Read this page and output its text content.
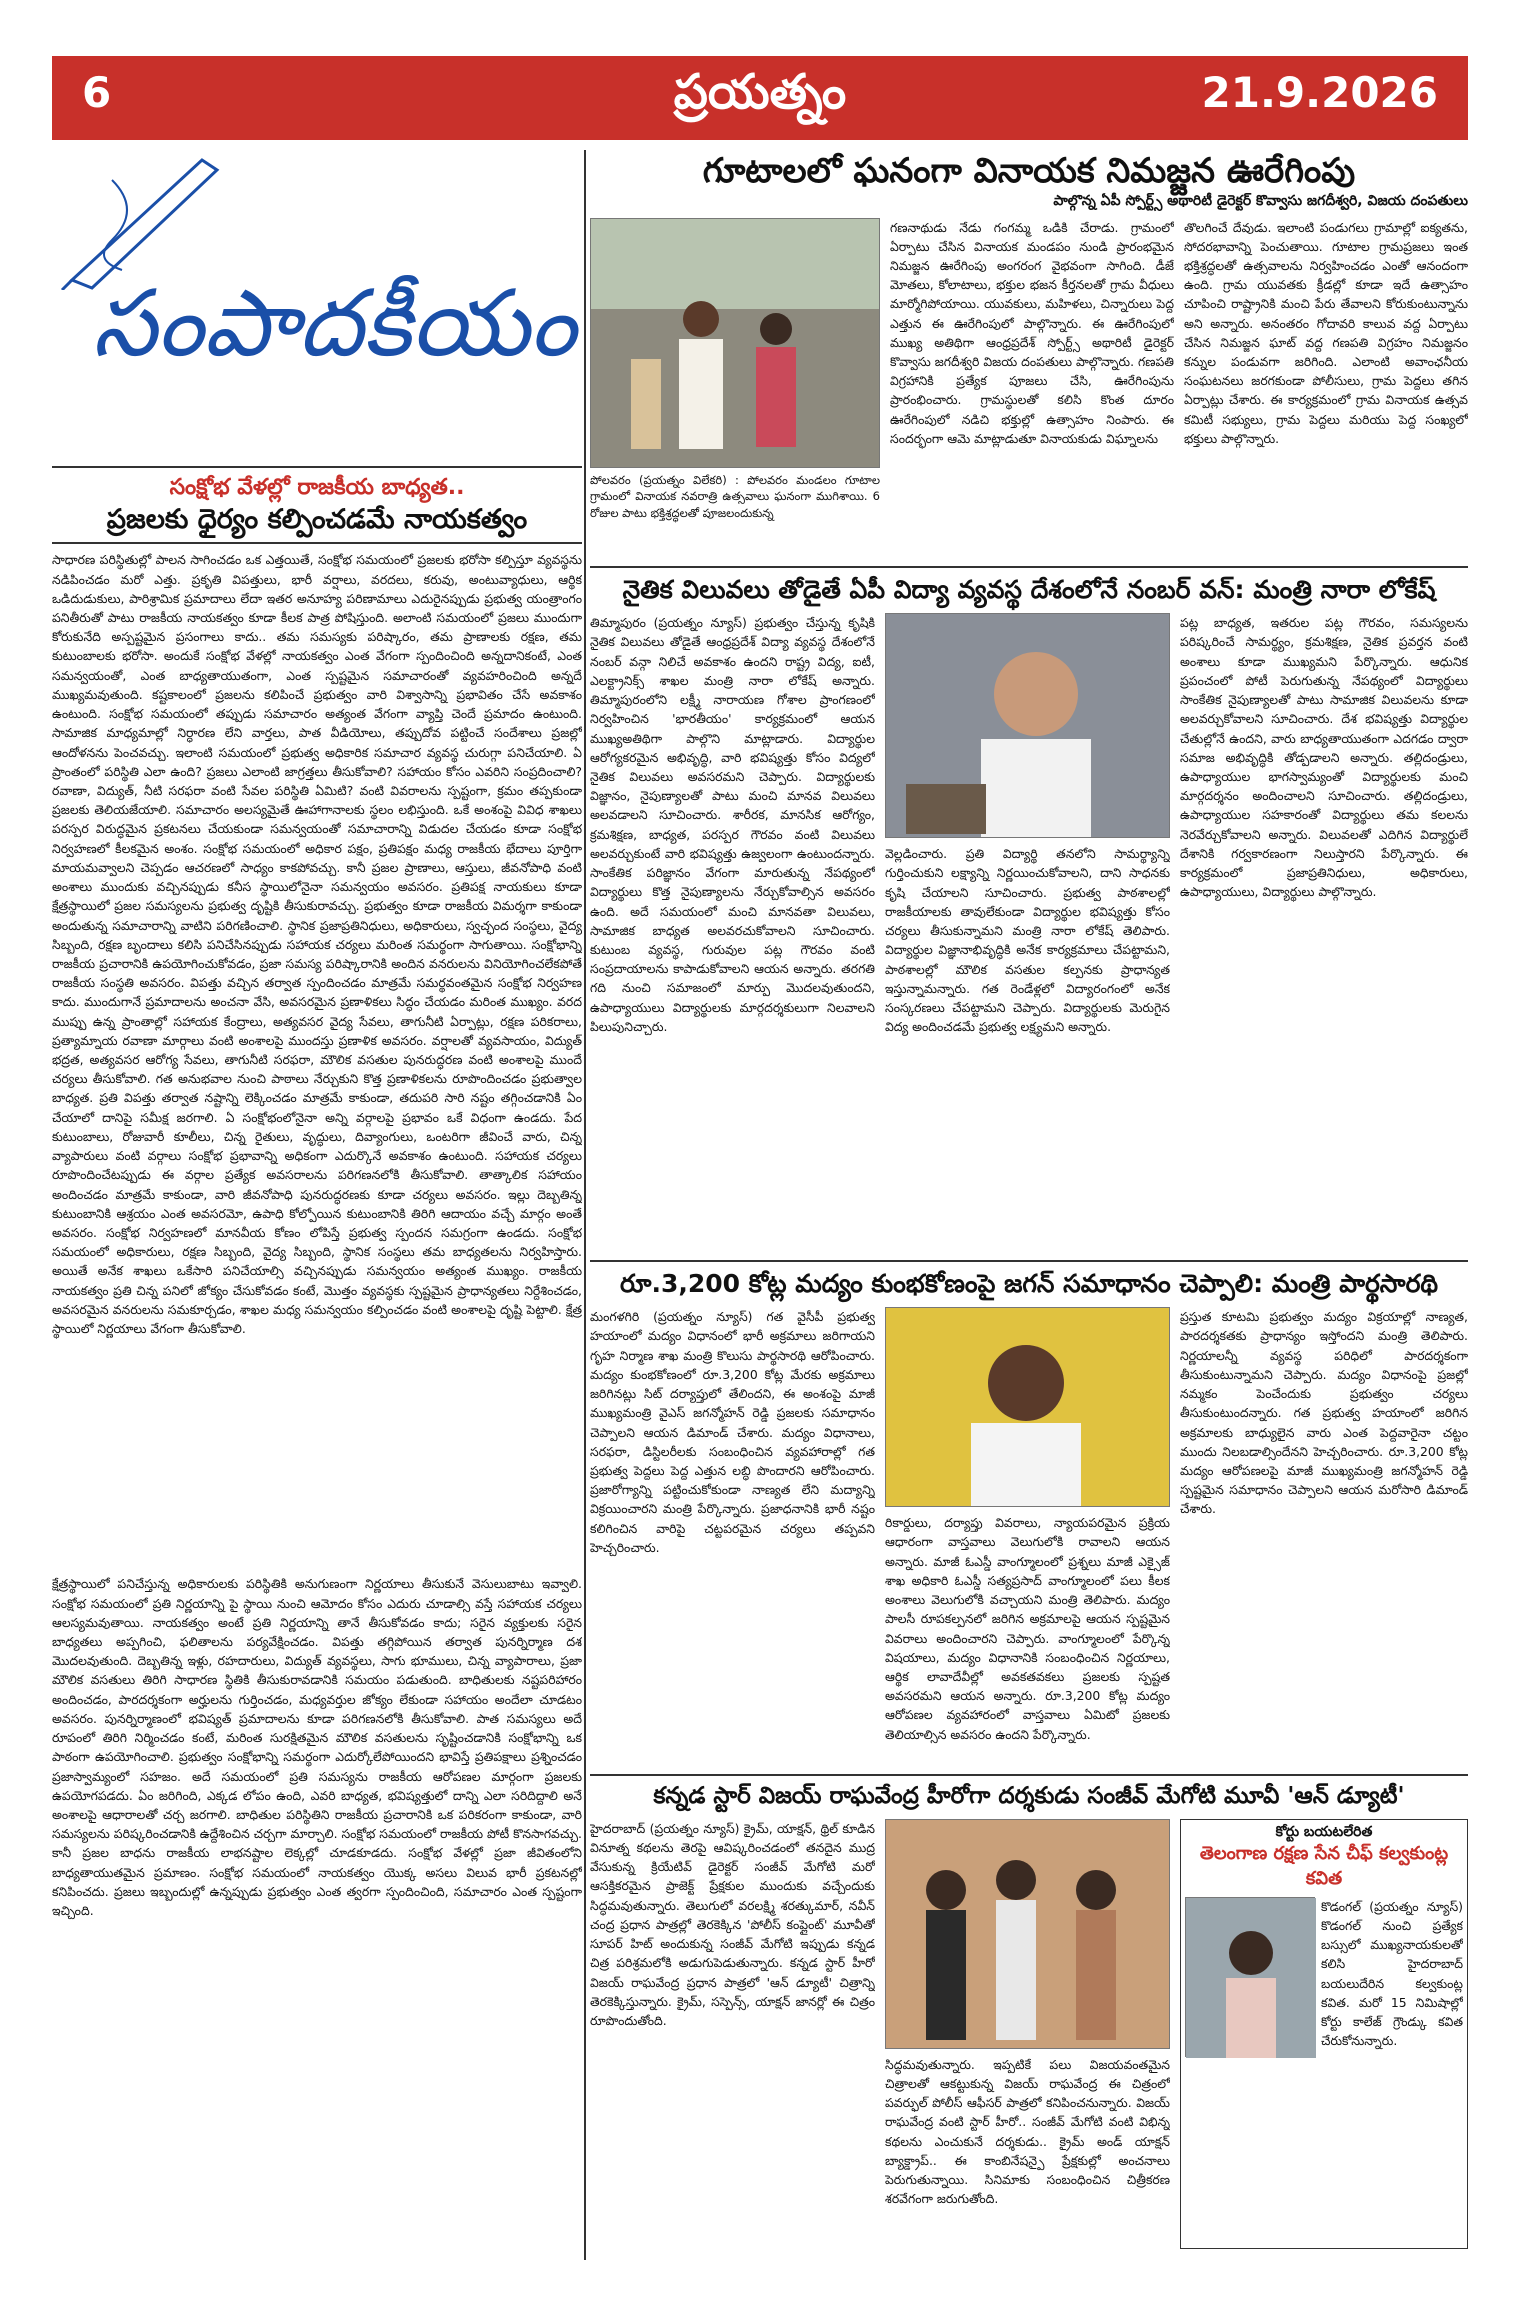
6	ప్రయత్నం	21.9.2026
సంపాదకీయం
సంక్షోభ వేళల్లో రాజకీయ బాధ్యత..
ప్రజలకు ధైర్యం కల్పించడమే నాయకత్వం
సాధారణ పరిస్థితుల్లో పాలన సాగించడం ఒక ఎత్తయితే, సంక్షోభ సమయంలో ప్రజలకు భరోసా కల్పిస్తూ వ్యవస్థను నడిపించడం మరో ఎత్తు. ప్రకృతి విపత్తులు, భారీ వర్షాలు, వరదలు, కరువు, అంటువ్యాధులు, ఆర్థిక ఒడిదుడుకులు, పారిశ్రామిక ప్రమాదాలు లేదా ఇతర అనూహ్య పరిణామాలు ఎదురైనప్పుడు ప్రభుత్వ యంత్రాంగం పనితీరుతో పాటు రాజకీయ నాయకత్వం కూడా కీలక పాత్ర పోషిస్తుంది. అలాంటి సమయంలో ప్రజలు ముందుగా కోరుకునేది అస్పష్టమైన ప్రసంగాలు కాదు.. తమ సమస్యకు పరిష్కారం, తమ ప్రాణాలకు రక్షణ, తమ కుటుంబాలకు భరోసా. అందుకే సంక్షోభ వేళల్లో నాయకత్వం ఎంత వేగంగా స్పందించింది అన్నదానికంటే, ఎంత సమన్వయంతో, ఎంత బాధ్యతాయుతంగా, ఎంత స్పష్టమైన సమాచారంతో వ్యవహరించింది అన్నదే ముఖ్యమవుతుంది. కష్టకాలంలో ప్రజలను కలిపించే ప్రభుత్వం వారి విశ్వాసాన్ని ప్రభావితం చేసే అవకాశం ఉంటుంది. సంక్షోభ సమయంలో తప్పుడు సమాచారం అత్యంత వేగంగా వ్యాప్తి చెందే ప్రమాదం ఉంటుంది. సామాజిక మాధ్యమాల్లో నిర్ధారణ లేని వార్తలు, పాత వీడియోలు, తప్పుదోవ పట్టించే సందేశాలు ప్రజల్లో ఆందోళనను పెంచవచ్చు. ఇలాంటి సమయంలో ప్రభుత్వ అధికారిక సమాచార వ్యవస్థ చురుగ్గా పనిచేయాలి. ఏ ప్రాంతంలో పరిస్థితి ఎలా ఉంది? ప్రజలు ఎలాంటి జాగ్రత్తలు తీసుకోవాలి? సహాయం కోసం ఎవరిని సంప్రదించాలి? రవాణా, విద్యుత్, నీటి సరఫరా వంటి సేవల పరిస్థితి ఏమిటి? వంటి వివరాలను స్పష్టంగా, క్రమం తప్పకుండా ప్రజలకు తెలియజేయాలి. సమాచారం అలస్యమైతే ఊహాగానాలకు స్థలం లభిస్తుంది. ఒకే అంశంపై వివిధ శాఖలు పరస్పర విరుద్ధమైన ప్రకటనలు చేయకుండా సమన్వయంతో సమాచారాన్ని విడుదల చేయడం కూడా సంక్షోభ నిర్వహణలో కీలకమైన అంశం. సంక్షోభ సమయంలో అధికార పక్షం, ప్రతిపక్షం మధ్య రాజకీయ భేదాలు పూర్తిగా మాయమవ్వాలని చెప్పడం ఆచరణలో సాధ్యం కాకపోవచ్చు. కానీ ప్రజల ప్రాణాలు, ఆస్తులు, జీవనోపాధి వంటి అంశాలు ముందుకు వచ్చినప్పుడు కనీస స్థాయిలోనైనా సమన్వయం అవసరం. ప్రతిపక్ష నాయకులు కూడా క్షేత్రస్థాయిలో ప్రజల సమస్యలను ప్రభుత్వ దృష్టికి తీసుకురావచ్చు. ప్రభుత్వం కూడా రాజకీయ విమర్శగా కాకుండా అందుతున్న సమాచారాన్ని వాటిని పరిగణించాలి. స్థానిక ప్రజాప్రతినిధులు, అధికారులు, స్వచ్ఛంద సంస్థలు, వైద్య సిబ్బంది, రక్షణ బృందాలు కలిసి పనిచేసినప్పుడు సహాయక చర్యలు మరింత సమర్థంగా సాగుతాయి. సంక్షోభాన్ని రాజకీయ ప్రచారానికి ఉపయోగించుకోవడం, ప్రజా సమస్య పరిష్కారానికి అందిన వనరులను వినియోగించలేకపోతే రాజకీయ సంస్థతి అవసరం. విపత్తు వచ్చిన తర్వాత స్పందించడం మాత్రమే సమర్థవంతమైన సంక్షోభ నిర్వహణ కాదు. ముందుగానే ప్రమాదాలను అంచనా వేసి, అవసరమైన ప్రణాళికలు సిద్ధం చేయడం మరింత ముఖ్యం. వరద ముప్పు ఉన్న ప్రాంతాల్లో సహాయక కేంద్రాలు, అత్యవసర వైద్య సేవలు, తాగునీటి ఏర్పాట్లు, రక్షణ పరికరాలు, ప్రత్యామ్నాయ రవాణా మార్గాలు వంటి అంశాలపై ముందస్తు ప్రణాళిక అవసరం. వర్షాలతో వ్యవసాయం, విద్యుత్ భద్రత, అత్యవసర ఆరోగ్య సేవలు, తాగునీటి సరఫరా, మౌలిక వసతుల పునరుద్ధరణ వంటి అంశాలపై ముందే చర్యలు తీసుకోవాలి. గత అనుభవాల నుంచి పాఠాలు నేర్చుకుని కొత్త ప్రణాళికలను రూపొందించడం ప్రభుత్వాల బాధ్యత. ప్రతి విపత్తు తర్వాత నష్టాన్ని లెక్కించడం మాత్రమే కాకుండా, తదుపరి సారి నష్టం తగ్గించడానికి ఏం చేయాలో దానిపై సమీక్ష జరగాలి. ఏ సంక్షోభంలోనైనా అన్ని వర్గాలపై ప్రభావం ఒకే విధంగా ఉండదు. పేద కుటుంబాలు, రోజువారీ కూలీలు, చిన్న రైతులు, వృద్ధులు, దివ్యాంగులు, ఒంటరిగా జీవించే వారు, చిన్న వ్యాపారులు వంటి వర్గాలు సంక్షోభ ప్రభావాన్ని అధికంగా ఎదుర్కొనే అవకాశం ఉంటుంది. సహాయక చర్యలు రూపొందించేటప్పుడు ఈ వర్గాల ప్రత్యేక అవసరాలను పరిగణనలోకి తీసుకోవాలి. తాత్కాలిక సహాయం అందించడం మాత్రమే కాకుండా, వారి జీవనోపాధి పునరుద్ధరణకు కూడా చర్యలు అవసరం. ఇల్లు దెబ్బతిన్న కుటుంబానికి ఆశ్రయం ఎంత అవసరమో, ఉపాధి కోల్పోయిన కుటుంబానికి తిరిగి ఆదాయం వచ్చే మార్గం అంతే అవసరం. సంక్షోభ నిర్వహణలో మానవీయ కోణం లోపిస్తే ప్రభుత్వ స్పందన సమగ్రంగా ఉండదు. సంక్షోభ సమయంలో అధికారులు, రక్షణ సిబ్బంది, వైద్య సిబ్బంది, స్థానిక సంస్థలు తమ బాధ్యతలను నిర్వహిస్తారు. అయితే అనేక శాఖలు ఒకేసారి పనిచేయాల్సి వచ్చినప్పుడు సమన్వయం అత్యంత ముఖ్యం. రాజకీయ నాయకత్వం ప్రతి చిన్న పనిలో జోక్యం చేసుకోవడం కంటే, మొత్తం వ్యవస్థకు స్పష్టమైన ప్రాధాన్యతలు నిర్దేశించడం, అవసరమైన వనరులను సమకూర్చడం, శాఖల మధ్య సమన్వయం కల్పించడం వంటి అంశాలపై దృష్టి పెట్టాలి. క్షేత్ర స్థాయిలో నిర్ణయాలు వేగంగా తీసుకోవాలి.
క్షేత్రస్థాయిలో పనిచేస్తున్న అధికారులకు పరిస్థితికి అనుగుణంగా నిర్ణయాలు తీసుకునే వెసులుబాటు ఇవ్వాలి. సంక్షోభ సమయంలో ప్రతి నిర్ణయాన్ని పై స్థాయి నుంచి ఆమోదం కోసం ఎదురు చూడాల్సి వస్తే సహాయక చర్యలు ఆలస్యమవుతాయి. నాయకత్వం అంటే ప్రతి నిర్ణయాన్ని తానే తీసుకోవడం కాదు; సరైన వ్యక్తులకు సరైన బాధ్యతలు అప్పగించి, ఫలితాలను పర్యవేక్షించడం. విపత్తు తగ్గిపోయిన తర్వాత పునర్నిర్మాణ దశ మొదలవుతుంది. దెబ్బతిన్న ఇళ్లు, రహదారులు, విద్యుత్ వ్యవస్థలు, సాగు భూములు, చిన్న వ్యాపారాలు, ప్రజా మౌలిక వసతులు తిరిగి సాధారణ స్థితికి తీసుకురావడానికి సమయం పడుతుంది. బాధితులకు నష్టపరిహారం అందించడం, పారదర్శకంగా అర్హులను గుర్తించడం, మధ్యవర్తుల జోక్యం లేకుండా సహాయం అందేలా చూడటం అవసరం. పునర్నిర్మాణంలో భవిష్యత్ ప్రమాదాలను కూడా పరిగణనలోకి తీసుకోవాలి. పాత సమస్యలు అదే రూపంలో తిరిగి నిర్మించడం కంటే, మరింత సురక్షితమైన మౌలిక వసతులను సృష్టించడానికి సంక్షోభాన్ని ఒక పాఠంగా ఉపయోగించాలి. ప్రభుత్వం సంక్షోభాన్ని సమర్థంగా ఎదుర్కోలేపోయిందని భావిస్తే ప్రతిపక్షాలు ప్రశ్నించడం ప్రజాస్వామ్యంలో సహజం. అదే సమయంలో ప్రతి సమస్యను రాజకీయ ఆరోపణల మార్గంగా ప్రజలకు ఉపయోగపడదు. ఏం జరిగింది, ఎక్కడ లోపం ఉంది, ఎవరి బాధ్యత, భవిష్యత్తులో దాన్ని ఎలా సరిదిద్దాలి అనే అంశాలపై ఆధారాలతో చర్చ జరగాలి. బాధితుల పరిస్థితిని రాజకీయ ప్రచారానికి ఒక పరికరంగా కాకుండా, వారి సమస్యలను పరిష్కరించడానికి ఉద్దేశించిన చర్చగా మార్చాలి. సంక్షోభ సమయంలో రాజకీయ పోటీ కొనసాగవచ్చు. కానీ ప్రజల బాధను రాజకీయ లాభనష్టాల లెక్కల్లో చూడకూడదు. సంక్షోభ వేళల్లో ప్రజా జీవితంలోని బాధ్యతాయుతమైన ప్రమాణం. సంక్షోభ సమయంలో నాయకత్వం యొక్క అసలు విలువ భారీ ప్రకటనల్లో కనిపించదు. ప్రజలు ఇబ్బందుల్లో ఉన్నప్పుడు ప్రభుత్వం ఎంత త్వరగా స్పందించింది, సమాచారం ఎంత స్పష్టంగా ఇచ్చింది.
గూటాలలో ఘనంగా వినాయక నిమజ్జన ఊరేగింపు
పాల్గొన్న ఏపీ స్పోర్ట్స్ అథారిటీ డైరెక్టర్ కొవ్వాసు జగదీశ్వరి, విజయ దంపతులు
పోలవరం (ప్రయత్నం విలేకరి) : పోలవరం మండలం గూటాల గ్రామంలో వినాయక నవరాత్రి ఉత్సవాలు ఘనంగా ముగిశాయి. 6 రోజుల పాటు భక్తిశ్రద్ధలతో పూజలందుకున్న
గణనాథుడు నేడు గంగమ్మ ఒడికి చేరాడు. గ్రామంలో ఏర్పాటు చేసిన వినాయక మండపం నుండి ప్రారంభమైన నిమజ్జన ఊరేగింపు అంగరంగ వైభవంగా సాగింది. డీజే మోతలు, కోలాటాలు, భక్తుల భజన కీర్తనలతో గ్రామ వీధులు మార్మోగిపోయాయి. యువకులు, మహిళలు, చిన్నారులు పెద్ద ఎత్తున ఈ ఊరేగింపులో పాల్గొన్నారు. ఈ ఊరేగింపులో ముఖ్య అతిథిగా ఆంధ్రప్రదేశ్ స్పోర్ట్స్ అథారిటీ డైరెక్టర్ కొవ్వాసు జగదీశ్వరి విజయ దంపతులు పాల్గొన్నారు. గణపతి విగ్రహానికి ప్రత్యేక పూజలు చేసి, ఊరేగింపును ప్రారంభించారు. గ్రామస్థులతో కలిసి కొంత దూరం ఊరేగింపులో నడిచి భక్తుల్లో ఉత్సాహం నింపారు. ఈ సందర్భంగా ఆమె మాట్లాడుతూ వినాయకుడు విఘ్నాలను
తొలగించే దేవుడు. ఇలాంటి పండుగలు గ్రామాల్లో ఐక్యతను, సోదరభావాన్ని పెంచుతాయి. గూటాల గ్రామప్రజలు ఇంత భక్తిశ్రద్ధలతో ఉత్సవాలను నిర్వహించడం ఎంతో ఆనందంగా ఉంది. గ్రామ యువతకు క్రీడల్లో కూడా ఇదే ఉత్సాహం చూపించి రాష్ట్రానికి మంచి పేరు తేవాలని కోరుకుంటున్నాను అని అన్నారు. అనంతరం గోదావరి కాలువ వద్ద ఏర్పాటు చేసిన నిమజ్జన ఘాట్ వద్ద గణపతి విగ్రహం నిమజ్జనం కన్నుల పండువగా జరిగింది. ఎలాంటి అవాంఛనీయ సంఘటనలు జరగకుండా పోలీసులు, గ్రామ పెద్దలు తగిన ఏర్పాట్లు చేశారు. ఈ కార్యక్రమంలో గ్రామ వినాయక ఉత్సవ కమిటీ సభ్యులు, గ్రామ పెద్దలు మరియు పెద్ద సంఖ్యలో భక్తులు పాల్గొన్నారు.
నైతిక విలువలు తోడైతే ఏపీ విద్యా వ్యవస్థ దేశంలోనే నంబర్ వన్: మంత్రి నారా లోకేష్
తిమ్మాపురం (ప్రయత్నం న్యూస్) ప్రభుత్వం చేస్తున్న కృషికి నైతిక విలువలు తోడైతే ఆంధ్రప్రదేశ్ విద్యా వ్యవస్థ దేశంలోనే నంబర్ వన్గా నిలిచే అవకాశం ఉందని రాష్ట్ర విద్య, ఐటీ, ఎలక్ట్రానిక్స్ శాఖల మంత్రి నారా లోకేష్ అన్నారు. తిమ్మాపురంలోని లక్ష్మీ నారాయణ గోశాల ప్రాంగణంలో నిర్వహించిన 'భారతీయం' కార్యక్రమంలో ఆయన ముఖ్యఅతిథిగా పాల్గొని మాట్లాడారు. విద్యార్థుల ఆరోగ్యకరమైన అభివృద్ధి, వారి భవిష్యత్తు కోసం విద్యలో నైతిక విలువలు అవసరమని చెప్పారు. విద్యార్థులకు విజ్ఞానం, నైపుణ్యాలతో పాటు మంచి మానవ విలువలు అలవడాలని సూచించారు. శారీరక, మానసిక ఆరోగ్యం, క్రమశిక్షణ, బాధ్యత, పరస్పర గౌరవం వంటి విలువలు అలవర్చుకుంటే వారి భవిష్యత్తు ఉజ్వలంగా ఉంటుందన్నారు. సాంకేతిక పరిజ్ఞానం వేగంగా మారుతున్న నేపథ్యంలో విద్యార్థులు కొత్త నైపుణ్యాలను నేర్చుకోవాల్సిన అవసరం ఉంది. అదే సమయంలో మంచి మానవతా విలువలు, సామాజిక బాధ్యత అలవరచుకోవాలని సూచించారు. కుటుంబ వ్యవస్థ, గురువుల పట్ల గౌరవం వంటి సంప్రదాయాలను కాపాడుకోవాలని ఆయన అన్నారు. తరగతి గది నుంచి సమాజంలో మార్పు మొదలవుతుందని, ఉపాధ్యాయులు విద్యార్థులకు మార్గదర్శకులుగా నిలవాలని పిలుపునిచ్చారు.
వెల్లడించారు. ప్రతి విద్యార్థి తనలోని సామర్థ్యాన్ని గుర్తించుకుని లక్ష్యాన్ని నిర్ణయించుకోవాలని, దాని సాధనకు కృషి చేయాలని సూచించారు. ప్రభుత్వ పాఠశాలల్లో రాజకీయాలకు తావులేకుండా విద్యార్థుల భవిష్యత్తు కోసం చర్యలు తీసుకున్నామని మంత్రి నారా లోకేష్ తెలిపారు. విద్యార్థుల విజ్ఞానాభివృద్ధికి అనేక కార్యక్రమాలు చేపట్టామని, పాఠశాలల్లో మౌలిక వసతుల కల్పనకు ప్రాధాన్యత ఇస్తున్నామన్నారు. గత రెండేళ్లలో విద్యారంగంలో అనేక సంస్కరణలు చేపట్టామని చెప్పారు. విద్యార్థులకు మెరుగైన విద్య అందించడమే ప్రభుత్వ లక్ష్యమని అన్నారు.
పట్ల బాధ్యత, ఇతరుల పట్ల గౌరవం, సమస్యలను పరిష్కరించే సామర్థ్యం, క్రమశిక్షణ, నైతిక ప్రవర్తన వంటి అంశాలు కూడా ముఖ్యమని పేర్కొన్నారు. ఆధునిక ప్రపంచంలో పోటీ పెరుగుతున్న నేపథ్యంలో విద్యార్థులు సాంకేతిక నైపుణ్యాలతో పాటు సామాజిక విలువలను కూడా అలవర్చుకోవాలని సూచించారు. దేశ భవిష్యత్తు విద్యార్థుల చేతుల్లోనే ఉందని, వారు బాధ్యతాయుతంగా ఎదగడం ద్వారా సమాజ అభివృద్ధికి తోడ్పడాలని అన్నారు. తల్లిదండ్రులు, ఉపాధ్యాయుల భాగస్వామ్యంతో విద్యార్థులకు మంచి మార్గదర్శనం అందించాలని సూచించారు. తల్లిదండ్రులు, ఉపాధ్యాయుల సహకారంతో విద్యార్థులు తమ కలలను నెరవేర్చుకోవాలని అన్నారు. విలువలతో ఎదిగిన విద్యార్థులే దేశానికి గర్వకారణంగా నిలుస్తారని పేర్కొన్నారు. ఈ కార్యక్రమంలో ప్రజాప్రతినిధులు, అధికారులు, ఉపాధ్యాయులు, విద్యార్థులు పాల్గొన్నారు.
రూ.3,200 కోట్ల మద్యం కుంభకోణంపై జగన్ సమాధానం చెప్పాలి: మంత్రి పార్థసారథి
మంగళగిరి (ప్రయత్నం న్యూస్) గత వైసీపీ ప్రభుత్వ హయాంలో మద్యం విధానంలో భారీ అక్రమాలు జరిగాయని గృహ నిర్మాణ శాఖ మంత్రి కొలుసు పార్థసారథి ఆరోపించారు. మద్యం కుంభకోణంలో రూ.3,200 కోట్ల మేరకు అక్రమాలు జరిగినట్లు సిట్ దర్యాప్తులో తేలిందని, ఈ అంశంపై మాజీ ముఖ్యమంత్రి వైఎస్ జగన్మోహన్ రెడ్డి ప్రజలకు సమాధానం చెప్పాలని ఆయన డిమాండ్ చేశారు. మద్యం విధానాలు, సరఫరా, డిస్టిలరీలకు సంబంధించిన వ్యవహారాల్లో గత ప్రభుత్వ పెద్దలు పెద్ద ఎత్తున లబ్ధి పొందారని ఆరోపించారు. ప్రజారోగ్యాన్ని పట్టించుకోకుండా నాణ్యత లేని మద్యాన్ని విక్రయించారని మంత్రి పేర్కొన్నారు. ప్రజాధనానికి భారీ నష్టం కలిగించిన వారిపై చట్టపరమైన చర్యలు తప్పవని హెచ్చరించారు.
రికార్డులు, దర్యాప్తు వివరాలు, న్యాయపరమైన ప్రక్రియ ఆధారంగా వాస్తవాలు వెలుగులోకి రావాలని ఆయన అన్నారు. మాజీ ఓఎస్డీ వాంగ్మూలంలో ప్రశ్నలు మాజీ ఎక్సైజ్ శాఖ అధికారి ఓఎస్డీ సత్యప్రసాద్ వాంగ్మూలంలో పలు కీలక అంశాలు వెలుగులోకి వచ్చాయని మంత్రి తెలిపారు. మద్యం పాలసీ రూపకల్పనలో జరిగిన అక్రమాలపై ఆయన స్పష్టమైన వివరాలు అందించారని చెప్పారు. వాంగ్మూలంలో పేర్కొన్న విషయాలు, మద్యం విధానానికి సంబంధించిన నిర్ణయాలు, ఆర్థిక లావాదేవీల్లో అవకతవకలు ప్రజలకు స్పష్టత అవసరమని ఆయన అన్నారు. రూ.3,200 కోట్ల మద్యం ఆరోపణల వ్యవహారంలో వాస్తవాలు ఏమిటో ప్రజలకు తెలియాల్సిన అవసరం ఉందని పేర్కొన్నారు.
ప్రస్తుత కూటమి ప్రభుత్వం మద్యం విక్రయాల్లో నాణ్యత, పారదర్శకతకు ప్రాధాన్యం ఇస్తోందని మంత్రి తెలిపారు. నిర్ణయాలన్నీ వ్యవస్థ పరిధిలో పారదర్శకంగా తీసుకుంటున్నామని చెప్పారు. మద్యం విధానంపై ప్రజల్లో నమ్మకం పెంచేందుకు ప్రభుత్వం చర్యలు తీసుకుంటుందన్నారు. గత ప్రభుత్వ హయాంలో జరిగిన అక్రమాలకు బాధ్యులైన వారు ఎంత పెద్దవారైనా చట్టం ముందు నిలబడాల్సిందేనని హెచ్చరించారు. రూ.3,200 కోట్ల మద్యం ఆరోపణలపై మాజీ ముఖ్యమంత్రి జగన్మోహన్ రెడ్డి స్పష్టమైన సమాధానం చెప్పాలని ఆయన మరోసారి డిమాండ్ చేశారు.
కన్నడ స్టార్ విజయ్ రాఘవేంద్ర హీరోగా దర్శకుడు సంజీవ్ మేగోటి మూవీ 'ఆన్ డ్యూటీ'
హైదరాబాద్ (ప్రయత్నం న్యూస్) క్రైమ్, యాక్షన్, థ్రిల్ కూడిన వినూత్న కథలను తెరపై ఆవిష్కరించడంలో తనదైన ముద్ర వేసుకున్న క్రియేటివ్ డైరెక్టర్ సంజీవ్ మేగోటి మరో ఆసక్తికరమైన ప్రాజెక్ట్ ప్రేక్షకుల ముందుకు వచ్చేందుకు సిద్ధమవుతున్నారు. తెలుగులో వరలక్ష్మి శరత్కుమార్, నవీన్ చంద్ర ప్రధాన పాత్రల్లో తెరకెక్కిన 'పోలీస్ కంప్లైంట్' మూవీతో సూపర్ హిట్ అందుకున్న సంజీవ్ మేగోటి ఇప్పుడు కన్నడ చిత్ర పరిశ్రమలోకి అడుగుపెడుతున్నారు. కన్నడ స్టార్ హీరో విజయ్ రాఘవేంద్ర ప్రధాన పాత్రలో 'ఆన్ డ్యూటీ' చిత్రాన్ని తెరకెక్కిస్తున్నారు. క్రైమ్, సస్పెన్స్, యాక్షన్ జానర్లో ఈ చిత్రం రూపొందుతోంది.
సిద్ధమవుతున్నారు. ఇప్పటికే పలు విజయవంతమైన చిత్రాలతో ఆకట్టుకున్న విజయ్ రాఘవేంద్ర ఈ చిత్రంలో పవర్ఫుల్ పోలీస్ ఆఫీసర్ పాత్రలో కనిపించనున్నారు. విజయ్ రాఘవేంద్ర వంటి స్టార్ హీరో.. సంజీవ్ మేగోటి వంటి విభిన్న కథలను ఎంచుకునే దర్శకుడు.. క్రైమ్ అండ్ యాక్షన్ బ్యాక్డ్రాప్.. ఈ కాంబినేషన్పై ప్రేక్షకుల్లో అంచనాలు పెరుగుతున్నాయి. సినిమాకు సంబంధించిన చిత్రీకరణ శరవేగంగా జరుగుతోంది.
కోర్టు బయటలేరిత
తెలంగాణ రక్షణ సేన చీఫ్ కల్వకుంట్ల కవిత
కొడంగల్ (ప్రయత్నం న్యూస్) కొడంగల్ నుంచి ప్రత్యేక బస్సులో ముఖ్యనాయకులతో కలిసి హైదరాబాద్ బయలుదేరిన కల్వకుంట్ల కవిత. మరో 15 నిమిషాల్లో కోర్టు కాలేజ్ గ్రౌండ్కు కవిత చేరుకోనున్నారు.
